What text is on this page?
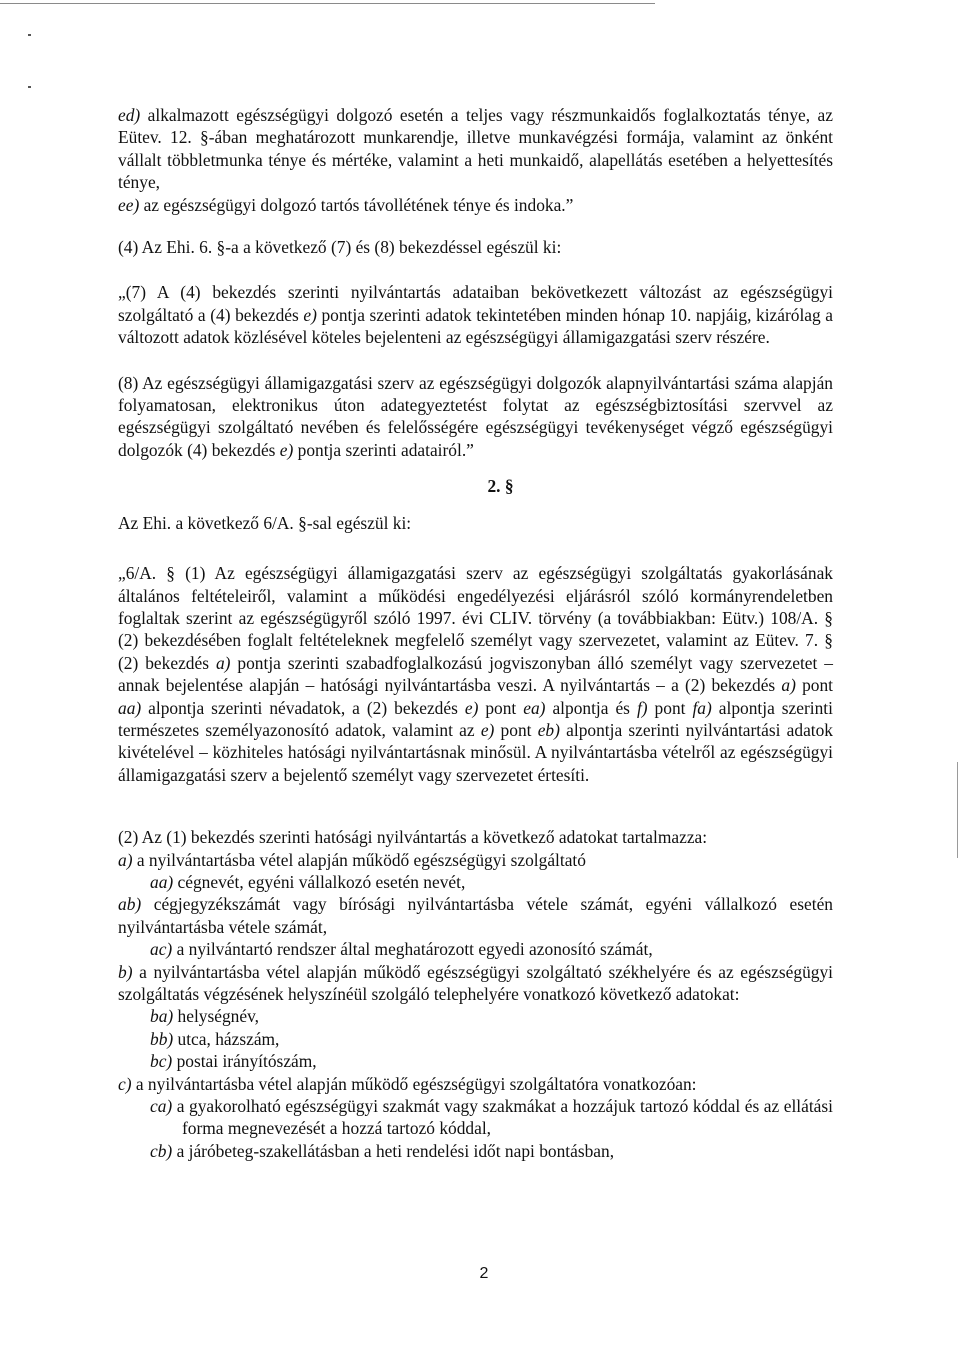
ed) alkalmazott egészségügyi dolgozó esetén a teljes vagy részmunkaidős foglalkoztatás ténye, az Eütev. 12. §-ában meghatározott munkarendje, illetve munkavégzési formája, valamint az önként vállalt többletmunka ténye és mértéke, valamint a heti munkaidő, alapellátás esetében a helyettesítés ténye,

ee) az egészségügyi dolgozó tartós távollétének ténye és indoka.”

(4) Az Ehi. 6. §-a a következő (7) és (8) bekezdéssel egészül ki:

„(7) A (4) bekezdés szerinti nyilvántartás adataiban bekövetkezett változást az egészségügyi szolgáltató a (4) bekezdés e) pontja szerinti adatok tekintetében minden hónap 10. napjáig, kizárólag a változott adatok közlésével köteles bejelenteni az egészségügyi államigazgatási szerv részére.

(8) Az egészségügyi államigazgatási szerv az egészségügyi dolgozók alapnyilvántartási száma alapján folyamatosan, elektronikus úton adategyeztetést folytat az egészségbiztosítási szervvel az egészségügyi szolgáltató nevében és felelősségére egészségügyi tevékenységet végző egészségügyi dolgozók (4) bekezdés e) pontja szerinti adatairól.”

2. §

Az Ehi. a következő 6/A. §-sal egészül ki:

„6/A. § (1) Az egészségügyi államigazgatási szerv az egészségügyi szolgáltatás gyakorlásának általános feltételeiről, valamint a működési engedélyezési eljárásról szóló kormányrendeletben foglaltak szerint az egészségügyről szóló 1997. évi CLIV. törvény (a továbbiakban: Eütv.) 108/A. § (2) bekezdésében foglalt feltételeknek megfelelő személyt vagy szervezetet, valamint az Eütev. 7. § (2) bekezdés a) pontja szerinti szabadfoglalkozású jogviszonyban álló személyt vagy szervezetet – annak bejelentése alapján – hatósági nyilvántartásba veszi. A nyilvántartás – a (2) bekezdés a) pont aa) alpontja szerinti névadatok, a (2) bekezdés e) pont ea) alpontja és f) pont fa) alpontja szerinti természetes személyazonosító adatok, valamint az e) pont eb) alpontja szerinti nyilvántartási adatok kivételével – közhiteles hatósági nyilvántartásnak minősül. A nyilvántartásba vételről az egészségügyi államigazgatási szerv a bejelentő személyt vagy szervezetet értesíti.

(2) Az (1) bekezdés szerinti hatósági nyilvántartás a következő adatokat tartalmazza:

a) a nyilvántartásba vétel alapján működő egészségügyi szolgáltató

aa) cégnevét, egyéni vállalkozó esetén nevét,

ab) cégjegyzékszámát vagy bírósági nyilvántartásba vétele számát, egyéni vállalkozó esetén nyilvántartásba vétele számát,

ac) a nyilvántartó rendszer által meghatározott egyedi azonosító számát,

b) a nyilvántartásba vétel alapján működő egészségügyi szolgáltató székhelyére és az egészségügyi szolgáltatás végzésének helyszínéül szolgáló telephelyére vonatkozó következő adatokat:

ba) helységnév,

bb) utca, házszám,

bc) postai irányítószám,

c) a nyilvántartásba vétel alapján működő egészségügyi szolgáltatóra vonatkozóan:

ca) a gyakorolható egészségügyi szakmát vagy szakmákat a hozzájuk tartozó kóddal és az ellátási forma megnevezését a hozzá tartozó kóddal,

cb) a járóbeteg-szakellátásban a heti rendelési időt napi bontásban,

2
